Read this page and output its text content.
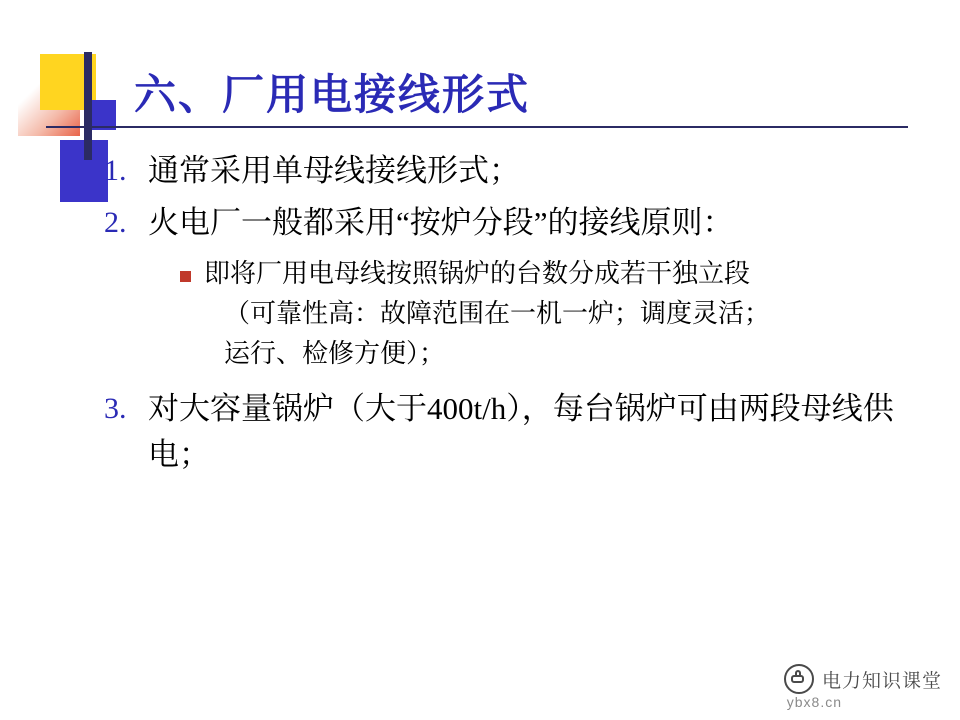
六、厂用电接线形式
1. 通常采用单母线接线形式；
2. 火电厂一般都采用“按炉分段”的接线原则：
即将厂用电母线按照锅炉的台数分成若干独立段
（可靠性高：故障范围在一机一炉；调度灵活；
运行、检修方便）；
3. 对大容量锅炉（大于400t/h），每台锅炉可由两段母线供电；
电力知识课堂
ybx8.cn
